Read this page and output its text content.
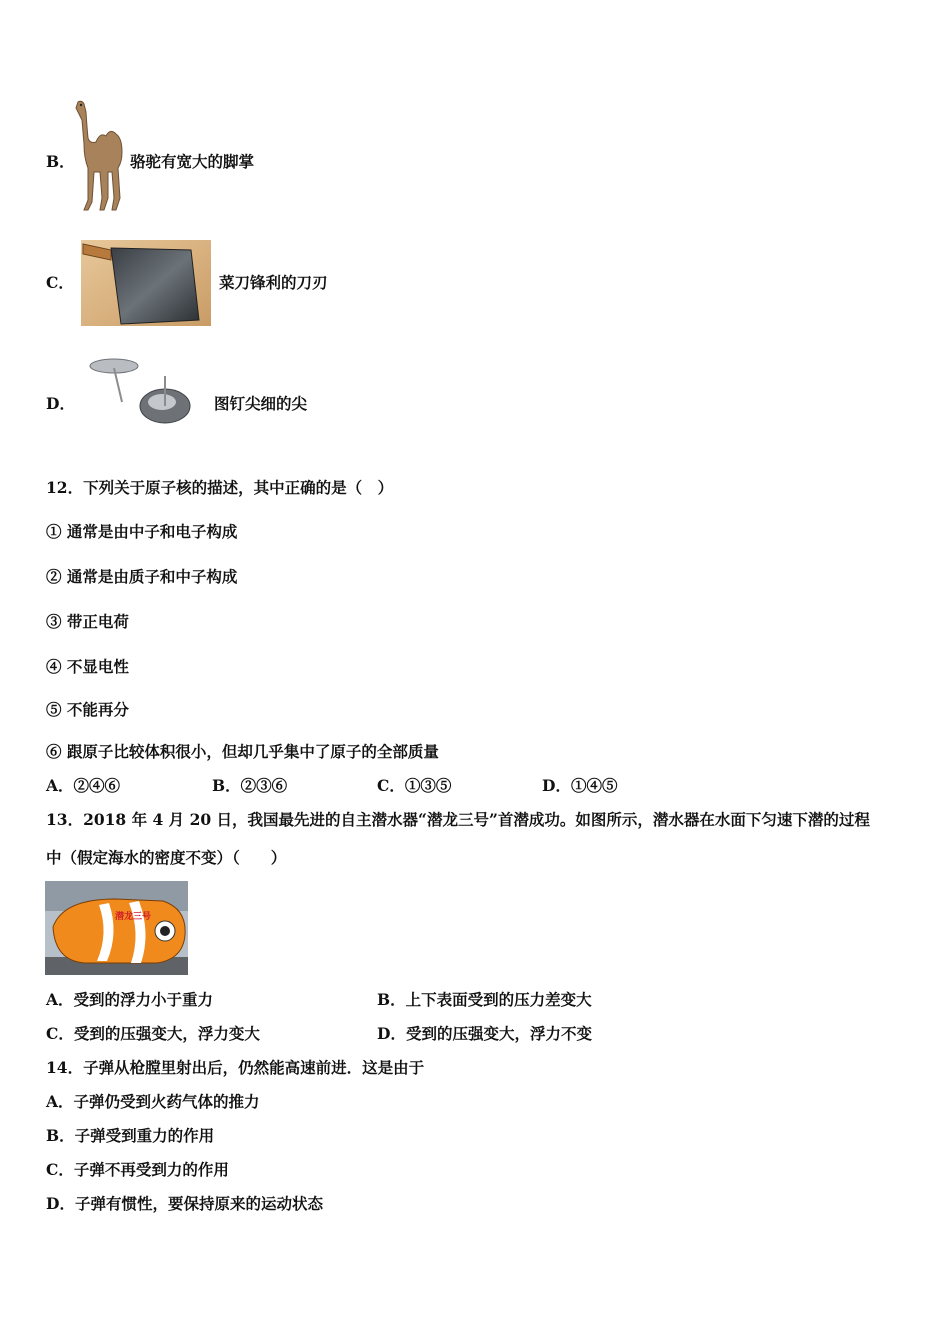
B．	骆驼有宽大的脚掌
C．	菜刀锋利的刀刃
D．	图钉尖细的尖
12．下列关于原子核的描述，其中正确的是（　）
① 通常是由中子和电子构成
② 通常是由质子和中子构成
③ 带正电荷
④ 不显电性
⑤ 不能再分
⑥ 跟原子比较体积很小，但却几乎集中了原子的全部质量
A．②④⑥	B．②③⑥	C．①③⑤	D．①④⑤
13．2018 年 4 月 20 日，我国最先进的自主潜水器“潜龙三号”首潜成功。如图所示，潜水器在水面下匀速下潜的过程
中（假定海水的密度不变）（　　）
潜龙三号
A．受到的浮力小于重力	B．上下表面受到的压力差变大
C．受到的压强变大，浮力变大	D．受到的压强变大，浮力不变
14．子弹从枪膛里射出后，仍然能高速前进．这是由于
A．子弹仍受到火药气体的推力
B．子弹受到重力的作用
C．子弹不再受到力的作用
D．子弹有惯性，要保持原来的运动状态
